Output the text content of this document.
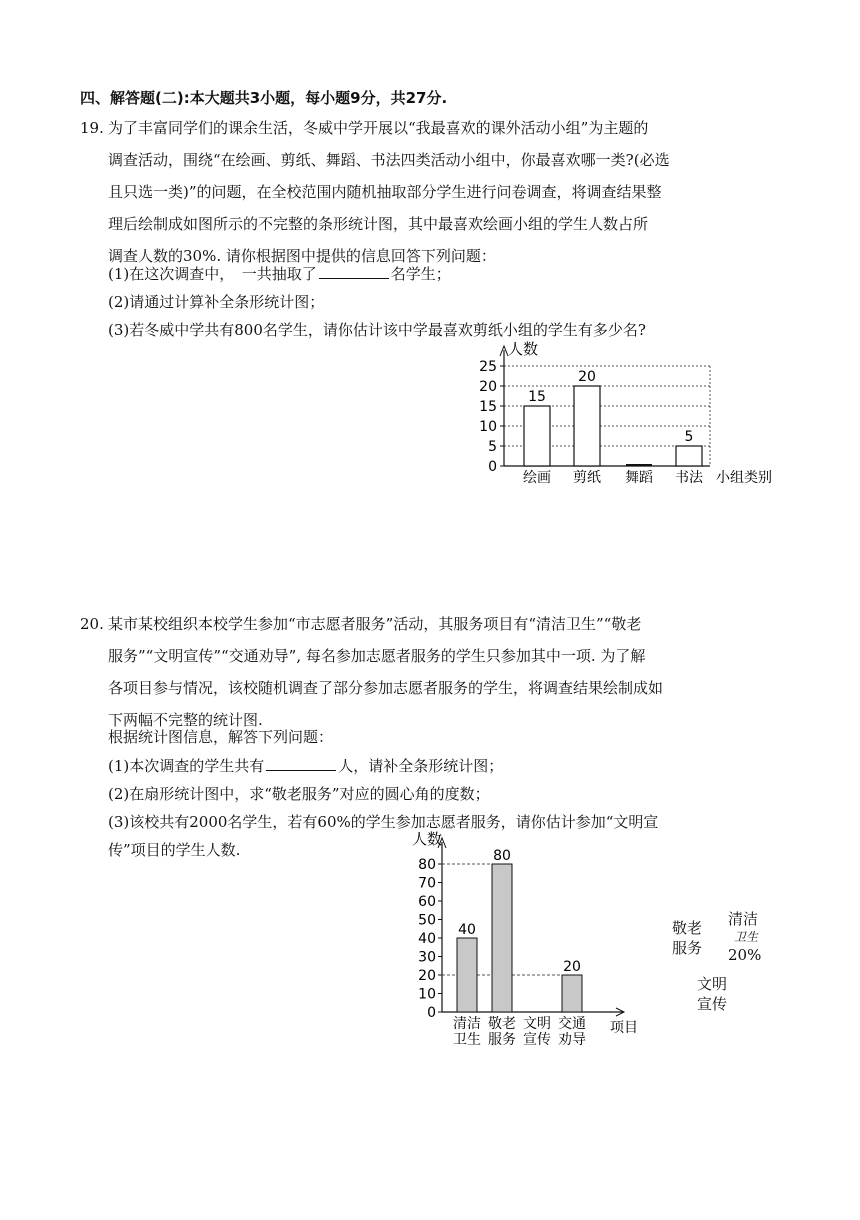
四、解答题(二):本大题共3小题，每小题9分，共27分.
19. 为了丰富同学们的课余生活，冬威中学开展以“我最喜欢的课外活动小组”为主题的
调查活动，围绕“在绘画、剪纸、舞蹈、书法四类活动小组中，你最喜欢哪一类?(必选
且只选一类)”的问题，在全校范围内随机抽取部分学生进行问卷调查，将调查结果整
理后绘制成如图所示的不完整的条形统计图，其中最喜欢绘画小组的学生人数占所
调查人数的30%. 请你根据图中提供的信息回答下列问题：
(1)在这次调查中，　一共抽取了	名学生；
(2)请通过计算补全条形统计图；
(3)若冬威中学共有800名学生，请你估计该中学最喜欢剪纸小组的学生有多少名?
0
5
10
15
20
25
人数
小组类别
15
绘画
20
剪纸 舞蹈
5
书法
20. 某市某校组织本校学生参加“市志愿者服务”活动，其服务项目有“清洁卫生”“敬老
服务”“文明宣传”“交通劝导”, 每名参加志愿者服务的学生只参加其中一项. 为了解
各项目参与情况，该校随机调查了部分参加志愿者服务的学生，将调查结果绘制成如
下两幅不完整的统计图.
根据统计图信息，解答下列问题：
(1)本次调查的学生共有	人，请补全条形统计图；
(2)在扇形统计图中，求“敬老服务”对应的圆心角的度数；
(3)该校共有2000名学生，若有60%的学生参加志愿者服务，请你估计参加“文明宣
传”项目的学生人数.
0
10
20
30
40
50
60
70
80
人数
项目
40
清洁
卫生
80
敬老
服务
文明
宣传
20
交通
劝导
敬老
服务
清洁
卫生
20%
文明
宣传
